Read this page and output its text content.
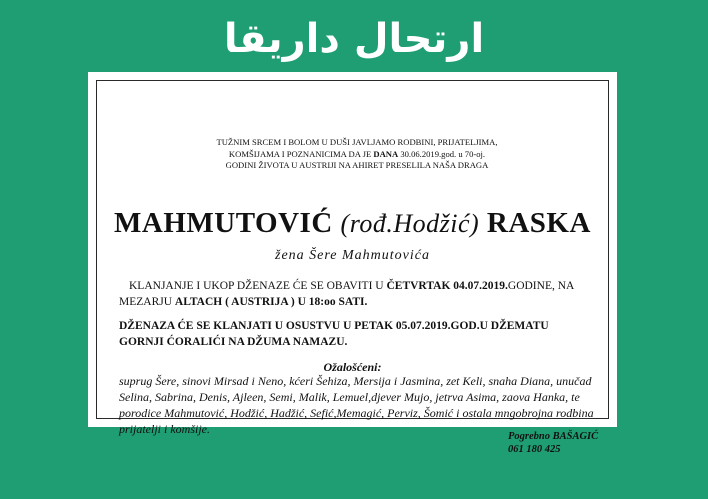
ارتحال داريقا
TUŽNIM SRCEM I BOLOM U DUŠI JAVLJAMO RODBINI, PRIJATELJIMA,
KOMŠIJAMA I POZNANICIMA DA JE DANA 30.06.2019.god. u 70-oj.
GODINI ŽIVOTA U AUSTRIJI NA AHIRET PRESELILA NAŠA DRAGA
MAHMUTOVIĆ (rođ.Hodžić) RASKA
žena Šere Mahmutovića
KLANJANJE I UKOP DŽENAZE ĆE SE OBAVITI U ČETVRTAK 04.07.2019.GODINE, NA MEZARJU ALTACH ( AUSTRIJA ) U 18:oo SATI.
DŽENAZA ĆE SE KLANJATI U OSUSTVU U PETAK 05.07.2019.GOD.U DŽEMATU GORNJI ĆORALIĆI NA DŽUMA NAMAZU.
Ožalošćeni:
suprug Šere, sinovi Mirsad i Neno, kćeri Šehiza, Mersija i Jasmina, zet Keli, snaha Diana, unučad Selina, Sabrina, Denis, Ajleen, Semi, Malik, Lemuel,djever Mujo, jetrva Asima, zaova Hanka, te porodice Mahmutović, Hodžić, Hadžić, Sefić,Memagić, Perviz, Šomić i ostala mngobrojna rodbina prijatelji i komšije.
Pogrebno BAŠAGIĆ
061 180 425
